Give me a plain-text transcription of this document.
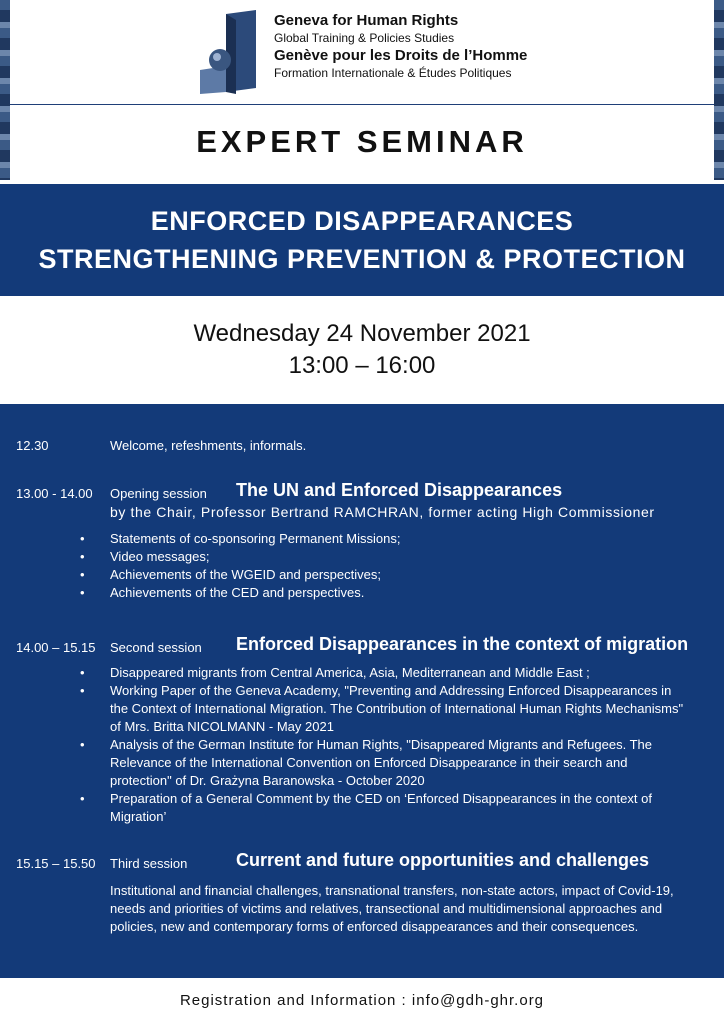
Geneva for Human Rights
Global Training & Policies Studies
Genève pour les Droits de l’Homme
Formation Internationale & Études Politiques
EXPERT SEMINAR
ENFORCED DISAPPEARANCES
STRENGTHENING PREVENTION & PROTECTION
Wednesday 24 November 2021
13:00 – 16:00
12.30	Welcome, refeshments, informals.
13.00 - 14.00 Opening session The UN and Enforced Disappearances
by the Chair, Professor Bertrand RAMCHRAN, former acting High Commissioner
• Statements of co-sponsoring Permanent Missions;
• Video messages;
• Achievements of the WGEID and perspectives;
• Achievements of the CED and perspectives.
14.00 – 15.15 Second session Enforced Disappearances in the context of migration
• Disappeared migrants from Central America, Asia, Mediterranean and Middle East ;
• Working Paper of the Geneva Academy, "Preventing and Addressing Enforced Disappearances in the Context of International Migration. The Contribution of International Human Rights Mechanisms" of Mrs. Britta NICOLMANN - May 2021
• Analysis of the German Institute for Human Rights, "Disappeared Migrants and Refugees. The Relevance of the International Convention on Enforced Disappearance in their search and protection" of Dr. Grażyna Baranowska - October 2020
• Preparation of a General Comment by the CED on ‘Enforced Disappearances in the context of Migration’
15.15 – 15.50 Third session	Current and future opportunities and challenges
Institutional and financial challenges, transnational transfers, non-state actors, impact of Covid-19, needs and priorities of victims and relatives, transectional and multidimensional approaches and policies, new and contemporary forms of enforced disappearances and their consequences.
Registration and Information : info@gdh-ghr.org
